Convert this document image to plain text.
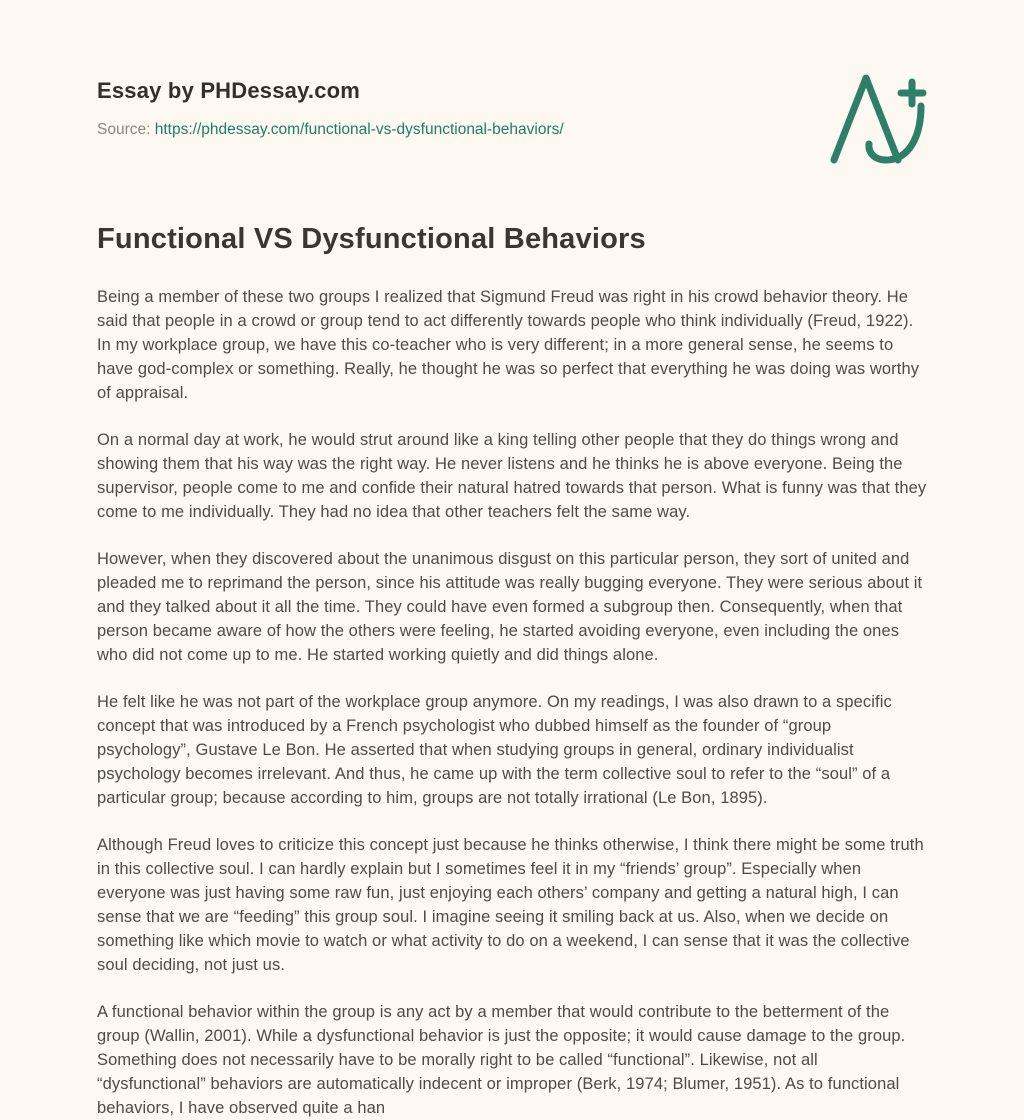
Essay by PHDessay.com
Source: https://phdessay.com/functional-vs-dysfunctional-behaviors/
Functional VS Dysfunctional Behaviors

Being a member of these two groups I realized that Sigmund Freud was right in his crowd behavior theory. He said that people in a crowd or group tend to act differently towards people who think individually (Freud, 1922). In my workplace group, we have this co-teacher who is very different; in a more general sense, he seems to have god-complex or something. Really, he thought he was so perfect that everything he was doing was worthy of appraisal.

On a normal day at work, he would strut around like a king telling other people that they do things wrong and showing them that his way was the right way. He never listens and he thinks he is above everyone. Being the supervisor, people come to me and confide their natural hatred towards that person. What is funny was that they come to me individually. They had no idea that other teachers felt the same way.

However, when they discovered about the unanimous disgust on this particular person, they sort of united and pleaded me to reprimand the person, since his attitude was really bugging everyone. They were serious about it and they talked about it all the time. They could have even formed a subgroup then. Consequently, when that person became aware of how the others were feeling, he started avoiding everyone, even including the ones who did not come up to me. He started working quietly and did things alone.

He felt like he was not part of the workplace group anymore. On my readings, I was also drawn to a specific concept that was introduced by a French psychologist who dubbed himself as the founder of “group psychology”, Gustave Le Bon. He asserted that when studying groups in general, ordinary individualist psychology becomes irrelevant. And thus, he came up with the term collective soul to refer to the “soul” of a particular group; because according to him, groups are not totally irrational (Le Bon, 1895).

Although Freud loves to criticize this concept just because he thinks otherwise, I think there might be some truth in this collective soul. I can hardly explain but I sometimes feel it in my “friends’ group”. Especially when everyone was just having some raw fun, just enjoying each others’ company and getting a natural high, I can sense that we are “feeding” this group soul. I imagine seeing it smiling back at us. Also, when we decide on something like which movie to watch or what activity to do on a weekend, I can sense that it was the collective soul deciding, not just us.

A functional behavior within the group is any act by a member that would contribute to the betterment of the group (Wallin, 2001). While a dysfunctional behavior is just the opposite; it would cause damage to the group. Something does not necessarily have to be morally right to be called “functional”. Likewise, not all “dysfunctional” behaviors are automatically indecent or improper (Berk, 1974; Blumer, 1951). As to functional behaviors, I have observed quite a han
